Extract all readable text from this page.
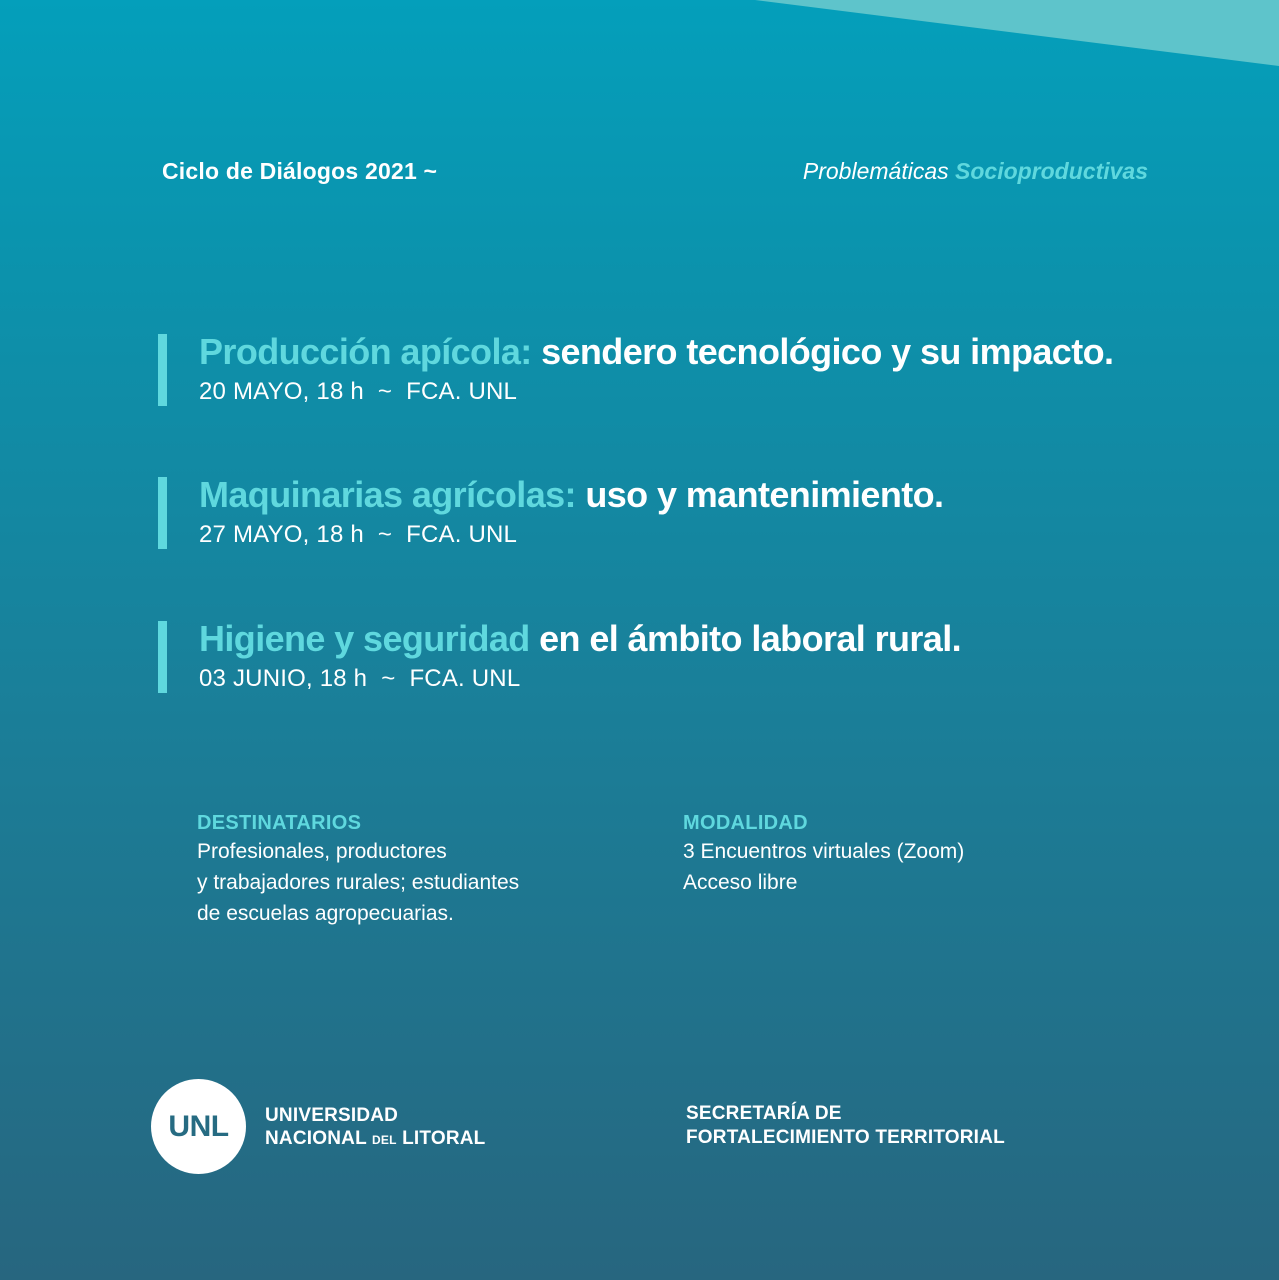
Ciclo de Diálogos 2021 ~	Problemáticas Socioproductivas
Producción apícola: sendero tecnológico y su impacto.
20 MAYO, 18 h ~ FCA. UNL
Maquinarias agrícolas: uso y mantenimiento.
27 MAYO, 18 h ~ FCA. UNL
Higiene y seguridad en el ámbito laboral rural.
03 JUNIO, 18 h ~ FCA. UNL
DESTINATARIOS
Profesionales, productores
y trabajadores rurales; estudiantes
de escuelas agropecuarias.
MODALIDAD
3 Encuentros virtuales (Zoom)
Acceso libre
UNL UNIVERSIDAD
NACIONAL DEL LITORAL
SECRETARÍA DE
FORTALECIMIENTO TERRITORIAL
